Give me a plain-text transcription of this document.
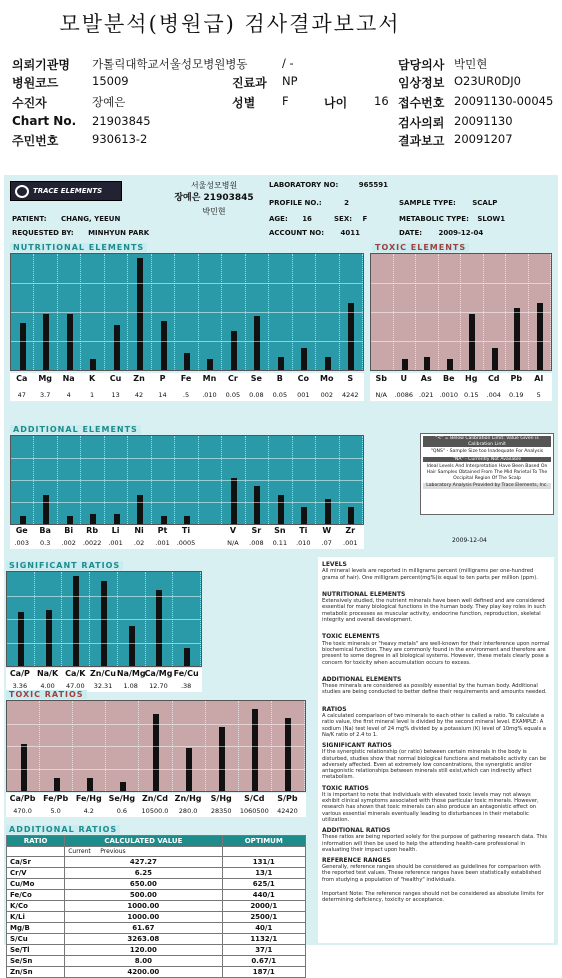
모발분석(병원급) 검사결과보고서
의뢰기관명 가톨릭대학교서울성모병원병동
병원코드	15009
수진자	장예은
Chart No. 21903845
주민번호	930613-2
/ -
진료과 NP
성별 F	나이 16
담당의사 박민현
임상정보 O23UR0DJ0
접수번호 20091130-00045
검사의뢰 20091130
결과보고 20091207
TRACE ELEMENTS
서울성모병원
장예은 21903845
박민현
LABORATORY NO:	965591
PROFILE NO.:	2	SAMPLE TYPE: SCALP
PATIENT: CHANG, YEEUN	AGE: 16	SEX: F	METABOLIC TYPE: SLOW1
REQUESTED BY: MINHYUN PARK	ACCOUNT NO: 4011	DATE: 2009-12-04
NUTRITIONAL ELEMENTS	TOXIC ELEMENTS
Ca
47
Mg
3.7
Na
4
K
1
Cu
13
Zn
42
P
14
Fe
.5
Mn
.010
Cr
0.05
Se
0.08
B
0.05
Co
001
Mo
002
S
4242
Sb
N/A
U
.0086
As
.021
Be
.0010
Hg
0.15
Cd
.004
Pb
0.19
Al
5
ADDITIONAL ELEMENTS
Ge
.003
Ba
0.3
Bi
.002
Rb
.0022
Li
.001
Ni
.02
Pt
.001
Ti
.0005
V
N/A
Sr
.008
Sn
0.11
Ti
.010
W
.07
Zr
.001
"<" = Below Calibration Limit: Value Given is Calibration Limit
"QNS" - Sample Size too Inadequate For Analysis
"NA" - Currently Not Available
Ideal Levels And Interpretation Have Been Based On Hair Samples Obtained From The Mid Parietal To The Occipital Region Of The Scalp
Laboratory Analysis Provided by Trace Elements, Inc.
2009-12-04
SIGNIFICANT RATIOS
Ca/P
3.36
Na/K
4.00
Ca/K
47.00
Zn/Cu
32.31
Na/Mg
1.08
Ca/Mg
12.70
Fe/Cu
.38
TOXIC RATIOS
Ca/Pb
470.0
Fe/Pb
5.0
Fe/Hg
4.2
Se/Hg
0.6
Zn/Cd
10500.0
Zn/Hg
280.0
S/Hg
28350
S/Cd
1060500
S/Pb
42420
ADDITIONAL RATIOS
RATIO	CALCULATED VALUE	OPTIMUM
	Current Previous	
Ca/Sr	427.27	131/1
Cr/V	6.25	13/1
Cu/Mo	650.00	625/1
Fe/Co	500.00	440/1
K/Co	1000.00	2000/1
K/Li	1000.00	2500/1
Mg/B	61.67	40/1
S/Cu	3263.08	1132/1
Se/Tl	120.00	37/1
Se/Sn	8.00	0.67/1
Zn/Sn	4200.00	187/1
LEVELS
All mineral levels are reported in milligrams percent (milligrams per one-hundred grams of hair). One milligram percent(mg%)is equal to ten parts per million (ppm).
NUTRITIONAL ELEMENTS
Extensively studied, the nutrient minerals have been well defined and are considered essential for many biological functions in the human body. They play key roles in such metabolic processes as muscular activity, endocrine function, reproduction, skeletal integrity and overall development.
TOXIC ELEMENTS
The toxic minerals or "heavy metals" are well-known for their interference upon normal biochemical function. They are commonly found in the environment and therefore are present to some degree in all biological systems. However, these metals clearly pose a concern for toxicity when accumulation occurs to excess.
ADDITIONAL ELEMENTS
These minerals are considered as possibly essential by the human body. Additional studies are being conducted to better define their requirements and amounts needed.
RATIOS
A calculated comparison of two minerals to each other is called a ratio. To calculate a ratio value, the first mineral level is divided by the second mineral level. EXAMPLE: A sodium (Na) test level of 24 mg% divided by a potassium (K) level of 10mg% equals a Na/K ratio of 2.4 to 1.
SIGNIFICANT RATIOS
If the synergistic relationship (or ratio) between certain minerals in the body is disturbed, studies show that normal biological functions and metabolic activity can be adversely affected. Even at extremely low concentrations, the synergistic and/or antagonistic relationships between minerals still exist,which can indirectly affect metabolism.
TOXIC RATIOS
It is important to note that individuals with elevated toxic levels may not always exhibit clinical symptoms associated with those particular toxic minerals. However, research has shown that toxic minerals can also produce an antagonistic effect on various essential minerals eventually leading to disturbances in their metabolic utilization.
ADDITIONAL RATIOS
These ratios are being reported solely for the purpose of gathering research data. This information will then be used to help the attending health-care professional in evaluating their impact upon health.
REFERENCE RANGES
Generally, reference ranges should be considered as guidelines for comparison with the reported test values. These reference ranges have been statistically established from studying a population of "healthy" individuals.
Important Note: The reference ranges should not be considered as absolute limits for determining deficiency, toxicity or acceptance.
